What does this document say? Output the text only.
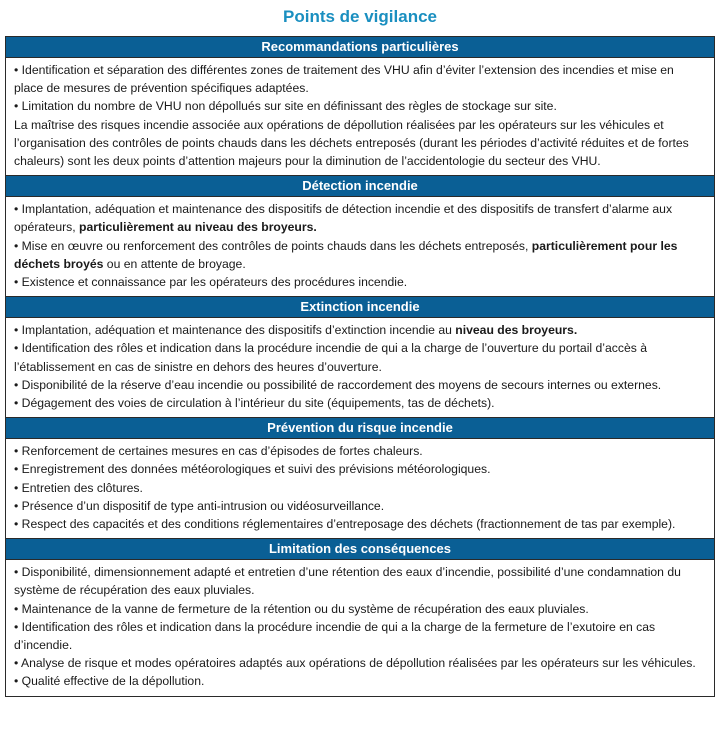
Points de vigilance
Recommandations particulières

• Identification et séparation des différentes zones de traitement des VHU afin d’éviter l’extension des incendies et mise en place de mesures de prévention spécifiques adaptées.

• Limitation du nombre de VHU non dépollués sur site en définissant des règles de stockage sur site.

La maîtrise des risques incendie associée aux opérations de dépollution réalisées par les opérateurs sur les véhicules et l’organisation des contrôles de points chauds dans les déchets entreposés (durant les périodes d’activité réduites et de fortes chaleurs) sont les deux points d’attention majeurs pour la diminution de l’accidentologie du secteur des VHU.

Détection incendie

• Implantation, adéquation et maintenance des dispositifs de détection incendie et des dispositifs de transfert d’alarme aux opérateurs, particulièrement au niveau des broyeurs.

• Mise en œuvre ou renforcement des contrôles de points chauds dans les déchets entreposés, particulièrement pour les déchets broyés ou en attente de broyage.

• Existence et connaissance par les opérateurs des procédures incendie.

Extinction incendie

• Implantation, adéquation et maintenance des dispositifs d’extinction incendie au niveau des broyeurs.

• Identification des rôles et indication dans la procédure incendie de qui a la charge de l’ouverture du portail d’accès à l’établissement en cas de sinistre en dehors des heures d’ouverture.

• Disponibilité de la réserve d’eau incendie ou possibilité de raccordement des moyens de secours internes ou externes.

• Dégagement des voies de circulation à l’intérieur du site (équipements, tas de déchets).

Prévention du risque incendie

• Renforcement de certaines mesures en cas d’épisodes de fortes chaleurs.

• Enregistrement des données météorologiques et suivi des prévisions météorologiques.

• Entretien des clôtures.

• Présence d’un dispositif de type anti-intrusion ou vidéosurveillance.

• Respect des capacités et des conditions réglementaires d’entreposage des déchets (fractionnement de tas par exemple).

Limitation des conséquences

• Disponibilité, dimensionnement adapté et entretien d’une rétention des eaux d’incendie, possibilité d’une condamnation du système de récupération des eaux pluviales.

• Maintenance de la vanne de fermeture de la rétention ou du système de récupération des eaux pluviales.

• Identification des rôles et indication dans la procédure incendie de qui a la charge de la fermeture de l’exutoire en cas d’incendie.

• Analyse de risque et modes opératoires adaptés aux opérations de dépollution réalisées par les opérateurs sur les véhicules.

• Qualité effective de la dépollution.
